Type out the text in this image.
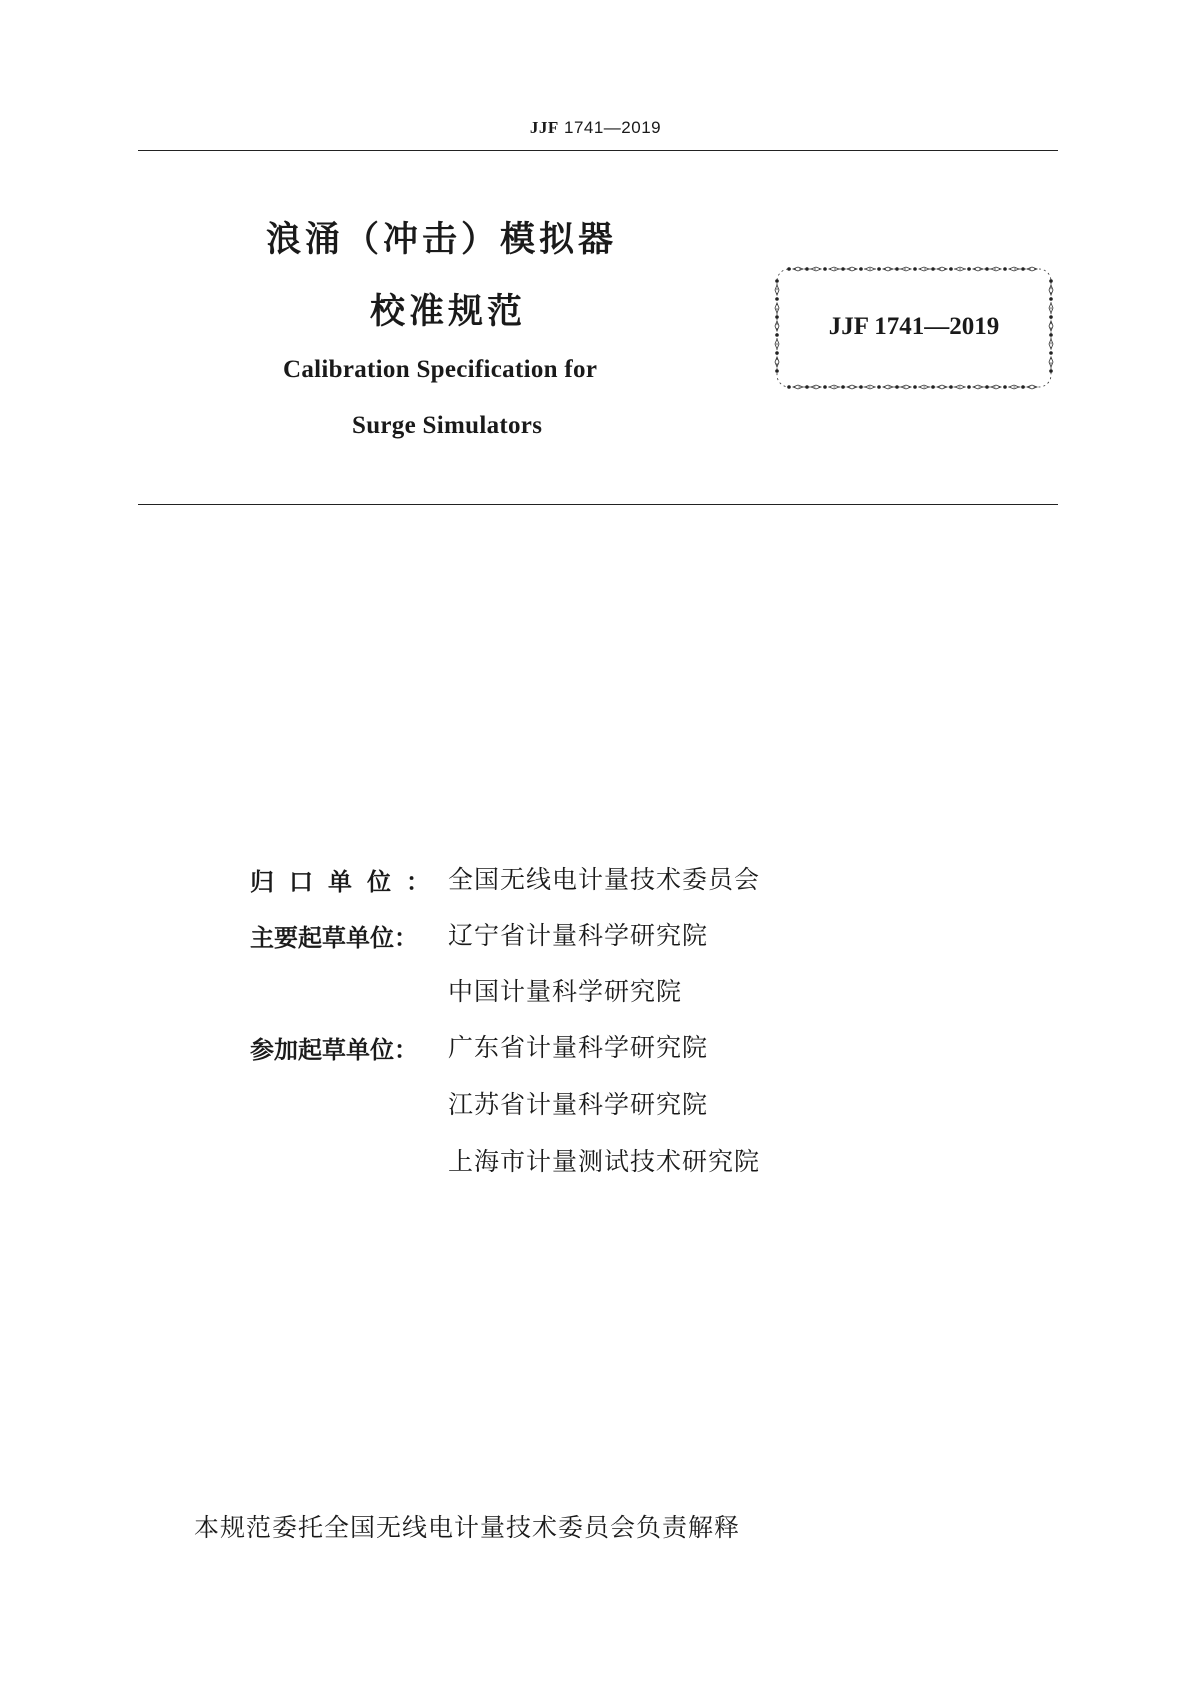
JJF 1741—2019
浪涌（冲击）模拟器
校准规范
Calibration Specification for
Surge Simulators
JJF 1741—2019
归口单位： 全国无线电计量技术委员会
主要起草单位：	辽宁省计量科学研究院
中国计量科学研究院
参加起草单位：	广东省计量科学研究院
江苏省计量科学研究院
上海市计量测试技术研究院
本规范委托全国无线电计量技术委员会负责解释
